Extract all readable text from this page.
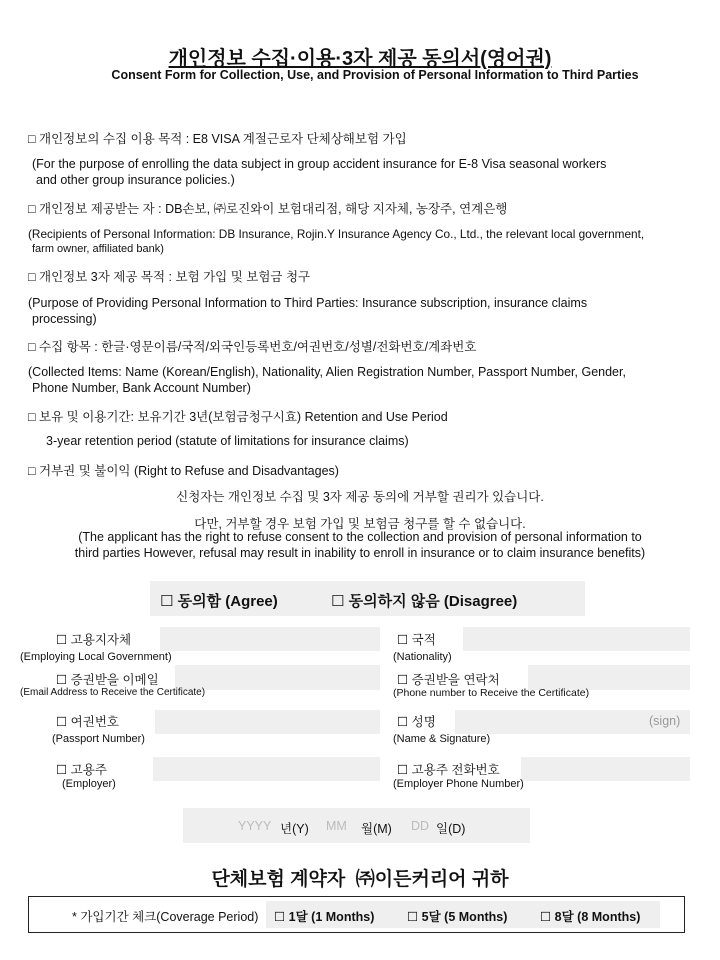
개인정보 수집·이용·3자 제공 동의서(영어권)
Consent Form for Collection, Use, and Provision of Personal Information to Third Parties
□ 개인정보의 수집 이용 목적 : E8 VISA 계절근로자 단체상해보험 가입
(For the purpose of enrolling the data subject in group accident insurance for E-8 Visa seasonal workers
and other group insurance policies.)
□ 개인정보 제공받는 자 : DB손보, ㈜로진와이 보험대리점, 해당 지자체, 농장주, 연계은행
(Recipients of Personal Information: DB Insurance, Rojin.Y Insurance Agency Co., Ltd., the relevant local government,
farm owner, affiliated bank)
□ 개인정보 3자 제공 목적 : 보험 가입 및 보험금 청구
(Purpose of Providing Personal Information to Third Parties: Insurance subscription, insurance claims
processing)
□ 수집 항목 : 한글·영문이름/국적/외국인등록번호/여권번호/성별/전화번호/계좌번호
(Collected Items: Name (Korean/English), Nationality, Alien Registration Number, Passport Number, Gender,
Phone Number, Bank Account Number)
□ 보유 및 이용기간: 보유기간 3년(보험금청구시효) Retention and Use Period
3-year retention period (statute of limitations for insurance claims)
□ 거부권 및 불이익 (Right to Refuse and Disadvantages)
신청자는 개인정보 수집 및 3자 제공 동의에 거부할 권리가 있습니다.
다만, 거부할 경우 보험 가입 및 보험금 청구를 할 수 없습니다.
(The applicant has the right to refuse consent to the collection and provision of personal information to
third parties However, refusal may result in inability to enroll in insurance or to claim insurance benefits)
☐ 동의함 (Agree)	☐ 동의하지 않음 (Disagree)
☐ 고용지자체
(Employing Local Government)
☐ 국적
(Nationality)
☐ 증권받을 이메일
(Email Address to Receive the Certificate)
☐ 증권받을 연락처
(Phone number to Receive the Certificate)
☐ 여권번호
(Passport Number)
☐ 성명	(sign)
(Name & Signature)
☐ 고용주
(Employer)
☐ 고용주 전화번호
(Employer Phone Number)
YYYY 년(Y) MM 월(M) DD 일(D)
단체보험 계약자  ㈜이든커리어 귀하
* 가입기간 체크(Coverage Period) ☐ 1달 (1 Months)	☐ 5달 (5 Months)	☐ 8달 (8 Months)
